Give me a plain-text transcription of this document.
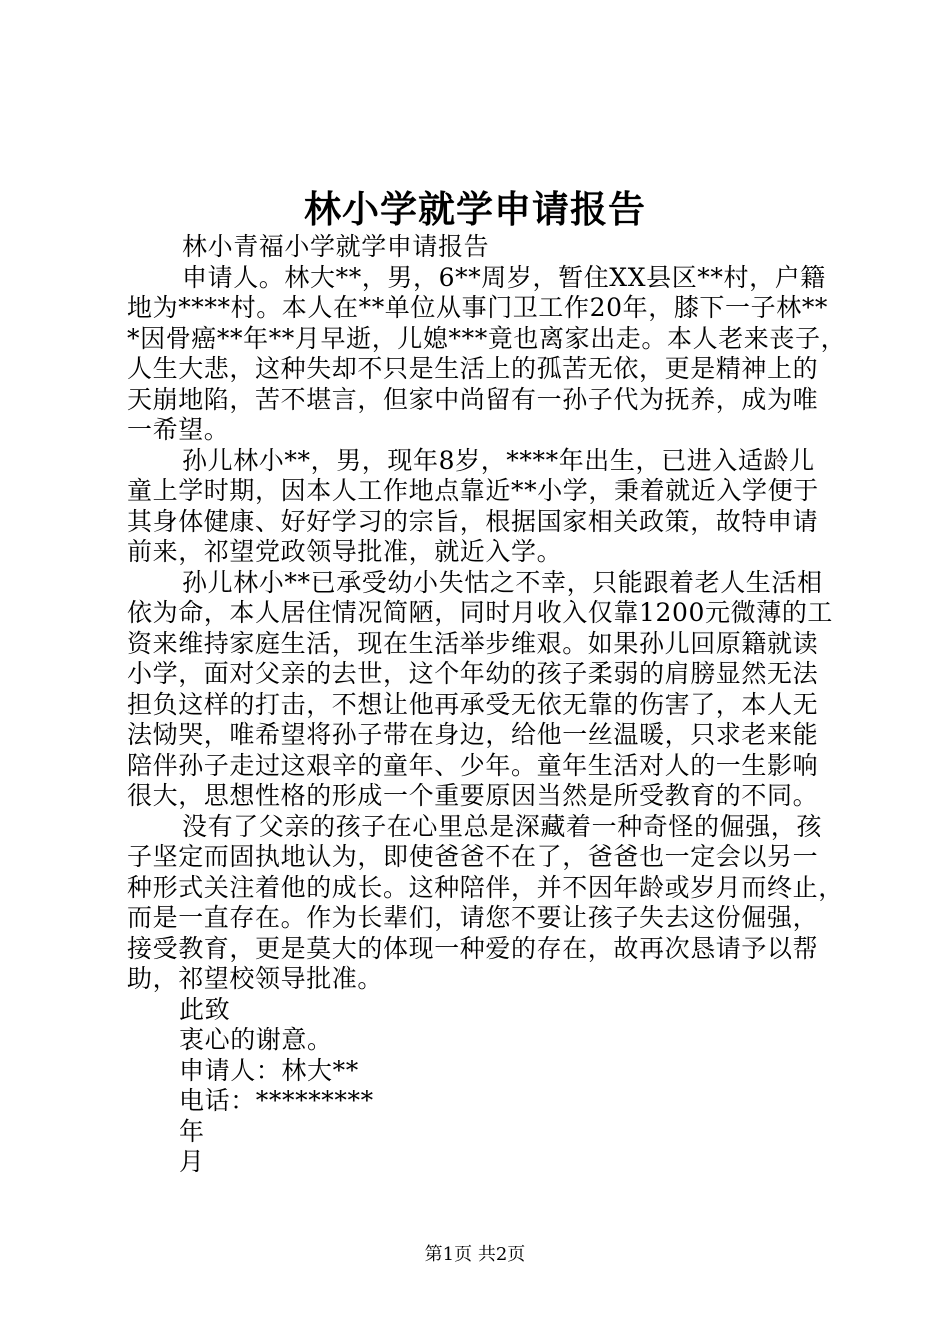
林小学就学申请报告
林小青福小学就学申请报告
申请人。林大**，男，6**周岁，暂住XX县区**村，户籍
地为****村。本人在**单位从事门卫工作20年，膝下一子林**
*因骨癌**年**月早逝，儿媳***竟也离家出走。本人老来丧子，
人生大悲，这种失却不只是生活上的孤苦无依，更是精神上的
天崩地陷，苦不堪言，但家中尚留有一孙子代为抚养，成为唯
一希望。
孙儿林小**，男，现年8岁，****年出生，已进入适龄儿
童上学时期，因本人工作地点靠近**小学，秉着就近入学便于
其身体健康、好好学习的宗旨，根据国家相关政策，故特申请
前来，祁望党政领导批准，就近入学。
孙儿林小**已承受幼小失怙之不幸，只能跟着老人生活相
依为命，本人居住情况简陋，同时月收入仅靠1200元微薄的工
资来维持家庭生活，现在生活举步维艰。如果孙儿回原籍就读
小学，面对父亲的去世，这个年幼的孩子柔弱的肩膀显然无法
担负这样的打击，不想让他再承受无依无靠的伤害了，本人无
法恸哭，唯希望将孙子带在身边，给他一丝温暖，只求老来能
陪伴孙子走过这艰辛的童年、少年。童年生活对人的一生影响
很大，思想性格的形成一个重要原因当然是所受教育的不同。
没有了父亲的孩子在心里总是深藏着一种奇怪的倔强，孩
子坚定而固执地认为，即使爸爸不在了，爸爸也一定会以另一
种形式关注着他的成长。这种陪伴，并不因年龄或岁月而终止，
而是一直存在。作为长辈们，请您不要让孩子失去这份倔强，
接受教育，更是莫大的体现一种爱的存在，故再次恳请予以帮
助，祁望校领导批准。
此致
衷心的谢意。
申请人：林大**
电话：*********
年
月
第1页 共2页
